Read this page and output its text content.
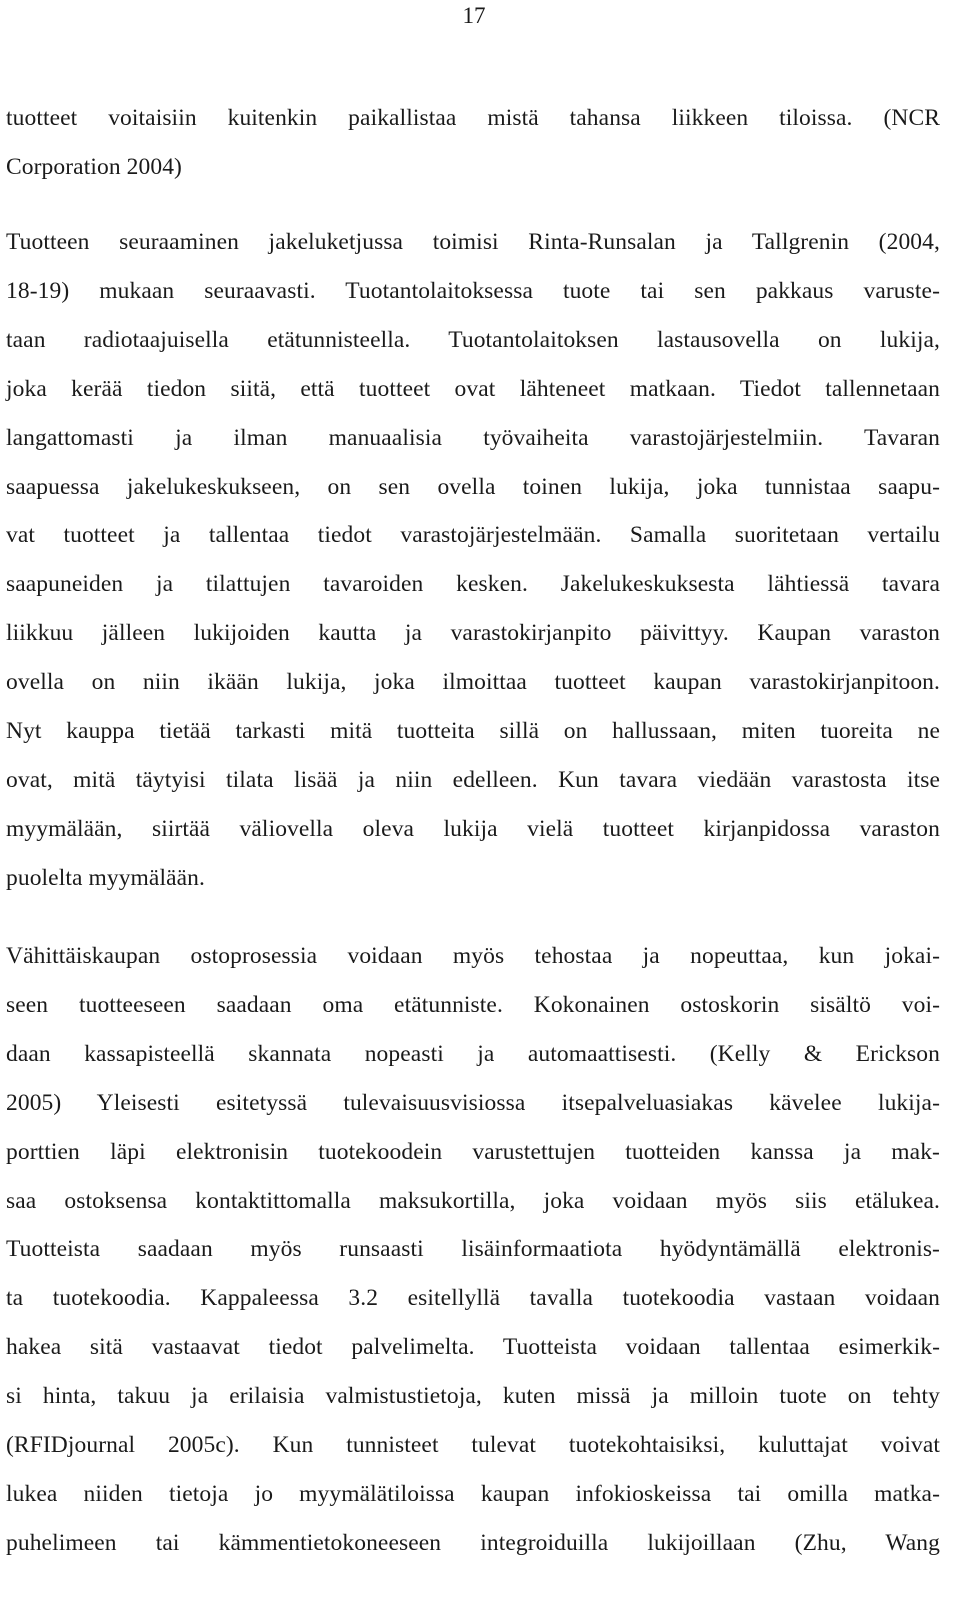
17
tuotteet voitaisiin kuitenkin paikallistaa mistä tahansa liikkeen tiloissa. (NCR
Corporation 2004)
Tuotteen seuraaminen jakeluketjussa toimisi Rinta-Runsalan ja Tallgrenin (2004,
18-19) mukaan seuraavasti. Tuotantolaitoksessa tuote tai sen pakkaus varuste-
taan radiotaajuisella etätunnisteella. Tuotantolaitoksen lastausovella on lukija,
joka kerää tiedon siitä, että tuotteet ovat lähteneet matkaan. Tiedot tallennetaan
langattomasti ja ilman manuaalisia työvaiheita varastojärjestelmiin. Tavaran
saapuessa jakelukeskukseen, on sen ovella toinen lukija, joka tunnistaa saapu-
vat tuotteet ja tallentaa tiedot varastojärjestelmään. Samalla suoritetaan vertailu
saapuneiden ja tilattujen tavaroiden kesken. Jakelukeskuksesta lähtiessä tavara
liikkuu jälleen lukijoiden kautta ja varastokirjanpito päivittyy. Kaupan varaston
ovella on niin ikään lukija, joka ilmoittaa tuotteet kaupan varastokirjanpitoon.
Nyt kauppa tietää tarkasti mitä tuotteita sillä on hallussaan, miten tuoreita ne
ovat, mitä täytyisi tilata lisää ja niin edelleen. Kun tavara viedään varastosta itse
myymälään, siirtää väliovella oleva lukija vielä tuotteet kirjanpidossa varaston
puolelta myymälään.
Vähittäiskaupan ostoprosessia voidaan myös tehostaa ja nopeuttaa, kun jokai-
seen tuotteeseen saadaan oma etätunniste. Kokonainen ostoskorin sisältö voi-
daan kassapisteellä skannata nopeasti ja automaattisesti. (Kelly & Erickson
2005) Yleisesti esitetyssä tulevaisuusvisiossa itsepalveluasiakas kävelee lukija-
porttien läpi elektronisin tuotekoodein varustettujen tuotteiden kanssa ja mak-
saa ostoksensa kontaktittomalla maksukortilla, joka voidaan myös siis etälukea.
Tuotteista saadaan myös runsaasti lisäinformaatiota hyödyntämällä elektronis-
ta tuotekoodia. Kappaleessa 3.2 esitellyllä tavalla tuotekoodia vastaan voidaan
hakea sitä vastaavat tiedot palvelimelta. Tuotteista voidaan tallentaa esimerkik-
si hinta, takuu ja erilaisia valmistustietoja, kuten missä ja milloin tuote on tehty
(RFIDjournal 2005c). Kun tunnisteet tulevat tuotekohtaisiksi, kuluttajat voivat
lukea niiden tietoja jo myymälätiloissa kaupan infokioskeissa tai omilla matka-
puhelimeen tai kämmentietokoneeseen integroiduilla lukijoillaan (Zhu, Wang
